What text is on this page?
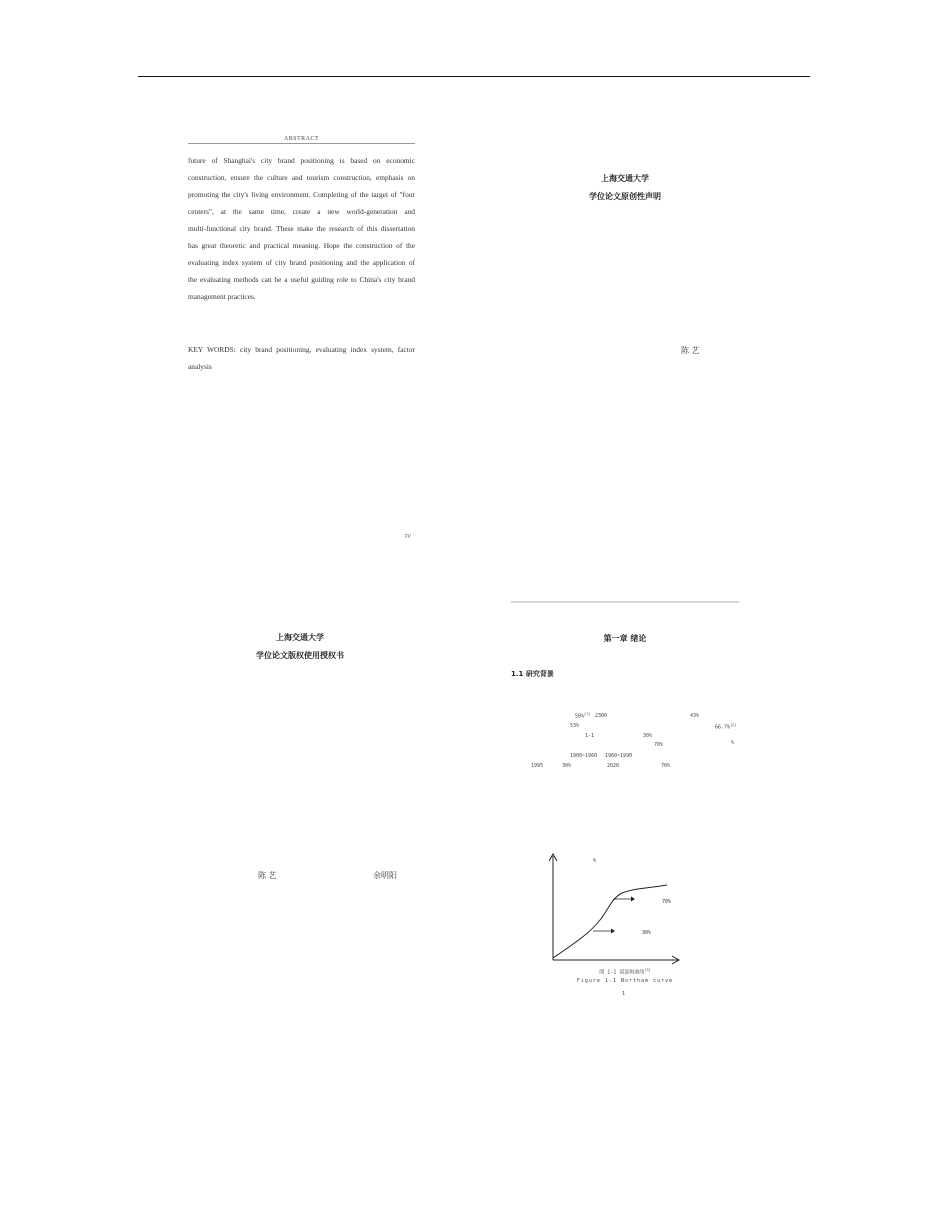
ABSTRACT
future of Shanghai's city brand positioning is based on economic
construction, ensure the culture and tourism construction, emphasis on
promoting the city's living environment. Completing of the target of "four
centers", at the same time, create a new world-generation and
multi-functional city brand. These make the research of this dissertation
has great theoretic and practical meaning. Hope the construction of the
evaluating index system of city brand positioning and the application of
the evaluating methods can be a useful guiding role to China's city brand
management practices.
KEY WORDS: city brand positioning, evaluating index system, factor
analysis
IV
上海交通大学
学位论文原创性声明
陈 艺
上海交通大学
学位论文版权使用授权书
陈 艺	余明阳
第一章 绪论
1.1 研究背景
50%[1] 2300	43%
53%	66.7%[2]
1-1	30%
70%	%
1900~1960 1960~1990
1995	30%	2020	70%
%
70%
30%
图 1-1 诺瑟姆曲线[3]
Figure 1-1 Northam curve
1
